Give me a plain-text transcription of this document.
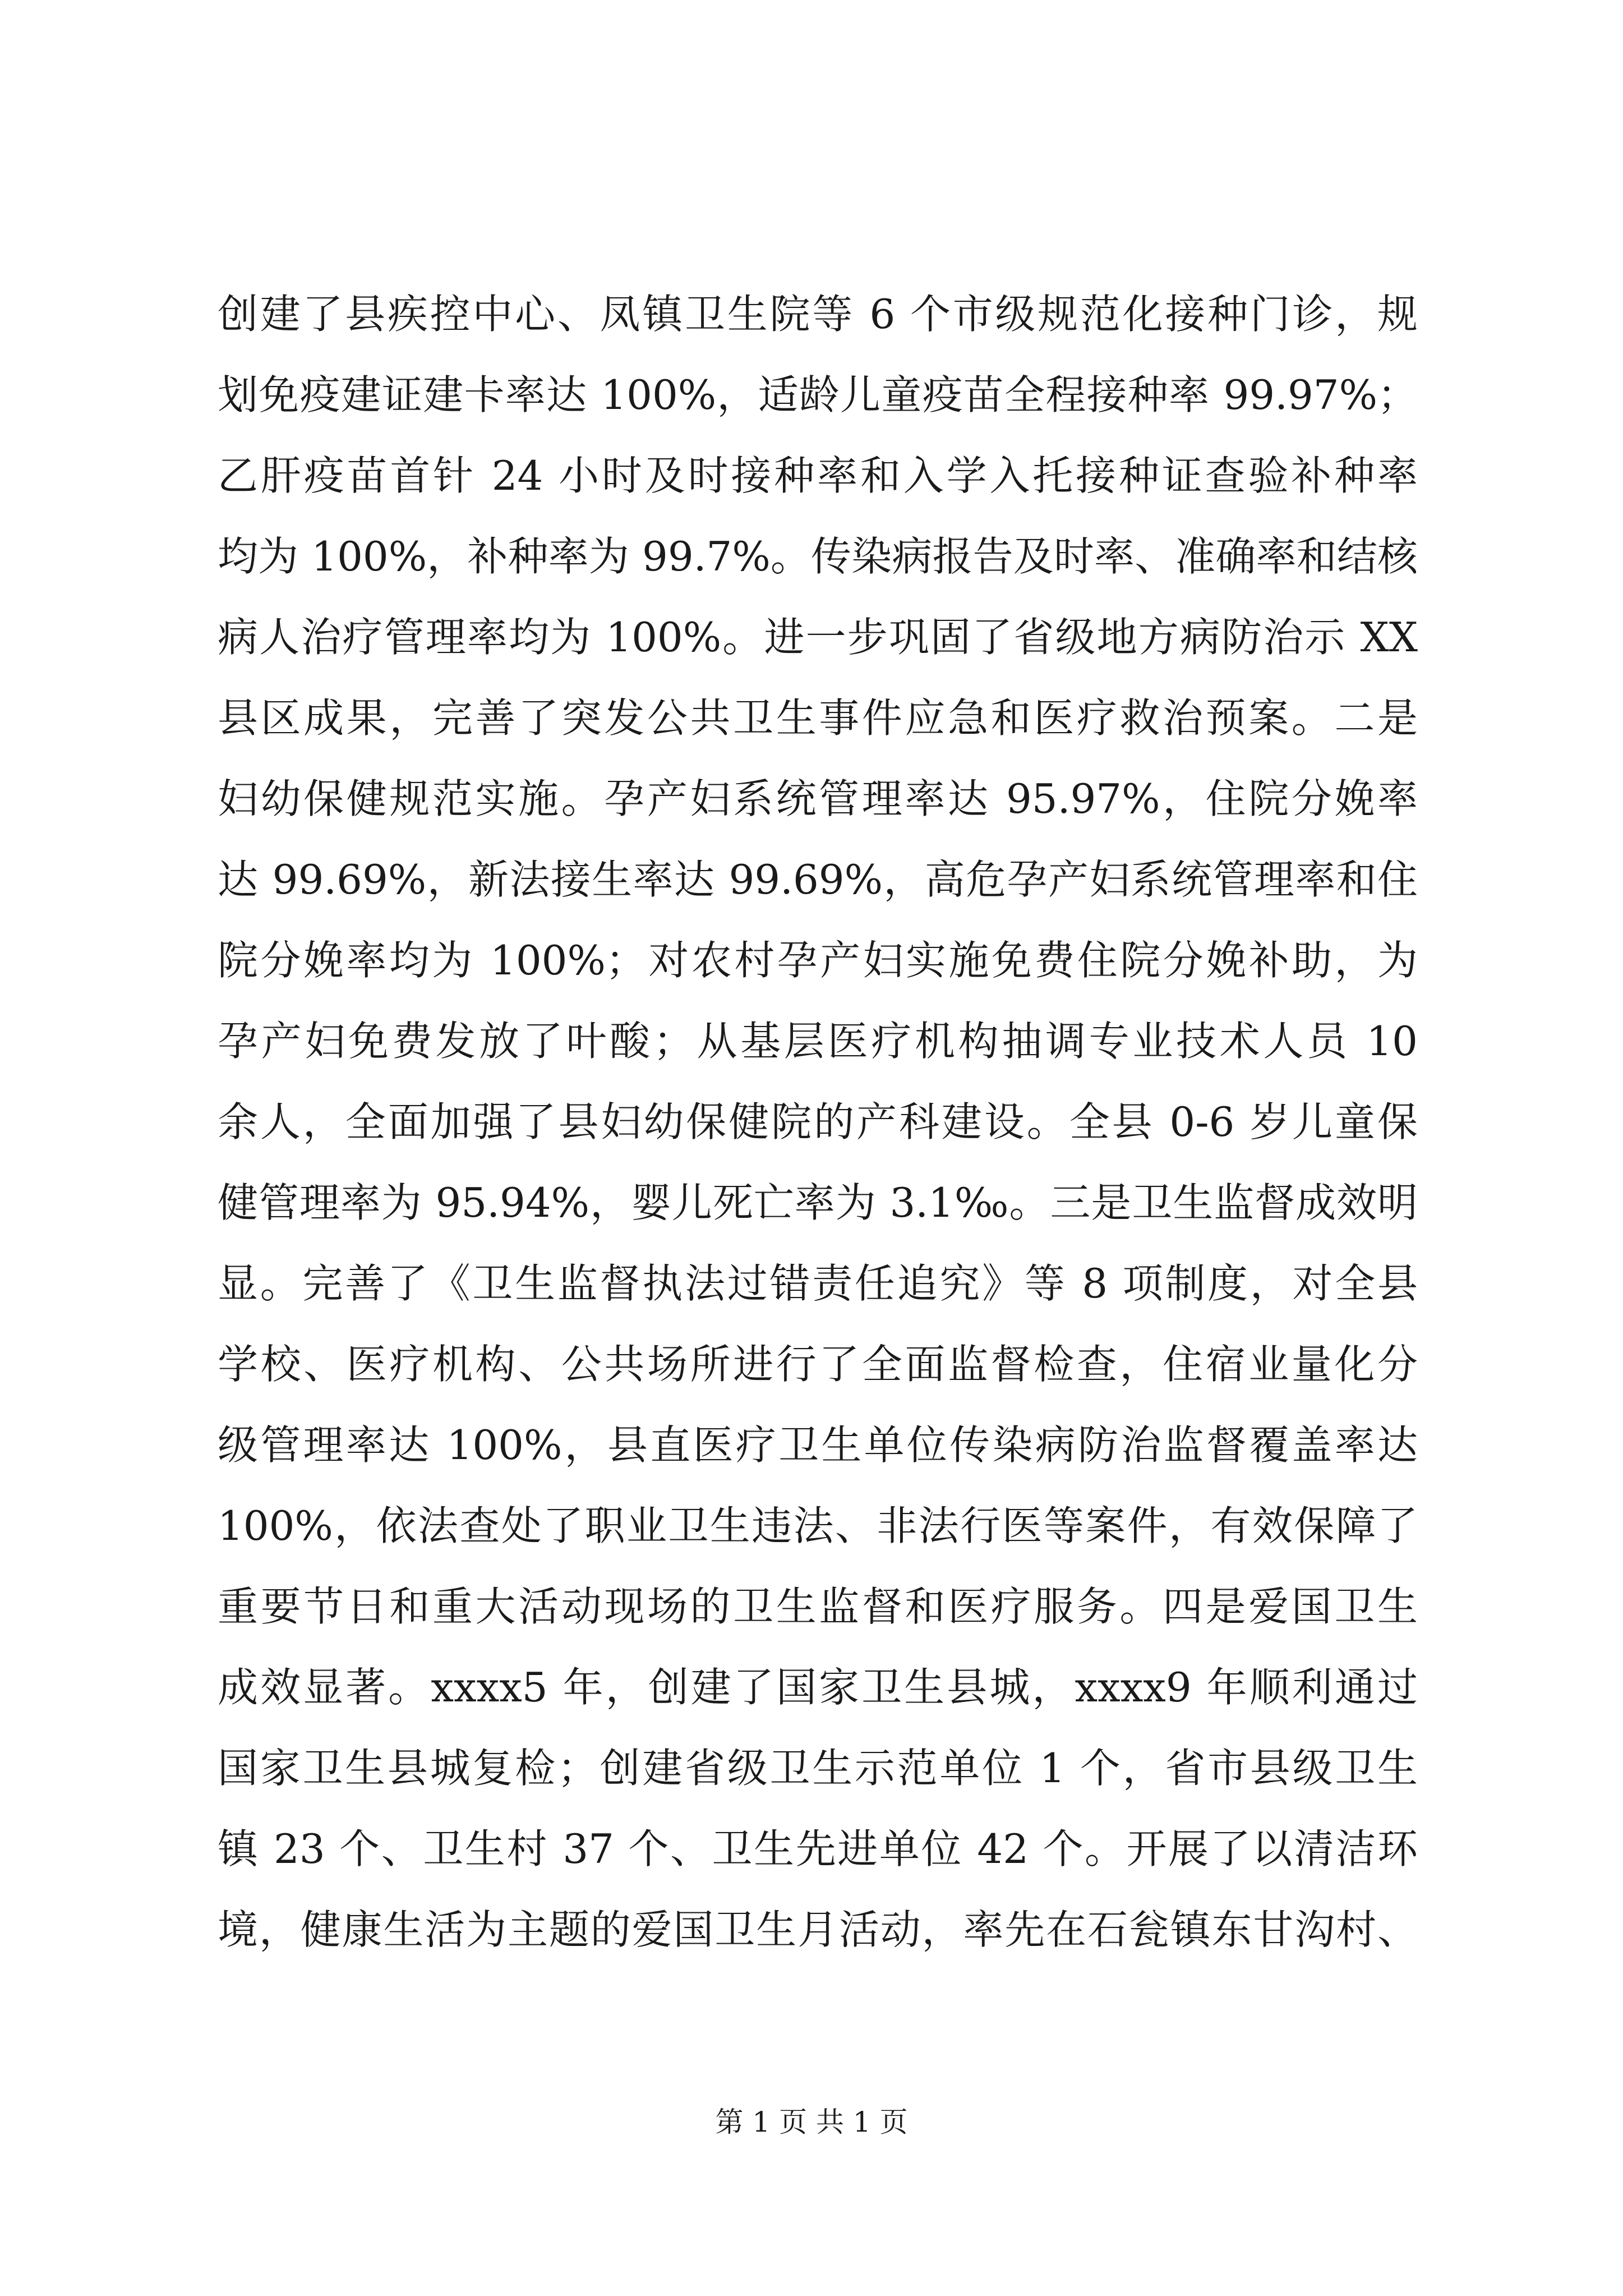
创建了县疾控中心、凤镇卫生院等 6 个市级规范化接种门诊，规
划免疫建证建卡率达 100%，适龄儿童疫苗全程接种率 99.97%；
乙肝疫苗首针 24 小时及时接种率和入学入托接种证查验补种率
均为 100%，补种率为 99.7%。传染病报告及时率、准确率和结核
病人治疗管理率均为 100%。进一步巩固了省级地方病防治示 XX
县区成果，完善了突发公共卫生事件应急和医疗救治预案。二是
妇幼保健规范实施。孕产妇系统管理率达 95.97%，住院分娩率
达 99.69%，新法接生率达 99.69%，高危孕产妇系统管理率和住
院分娩率均为 100%；对农村孕产妇实施免费住院分娩补助，为
孕产妇免费发放了叶酸；从基层医疗机构抽调专业技术人员 10
余人，全面加强了县妇幼保健院的产科建设。全县 0-6 岁儿童保
健管理率为 95.94%，婴儿死亡率为 3.1‰。三是卫生监督成效明
显。完善了《卫生监督执法过错责任追究》等 8 项制度，对全县
学校、医疗机构、公共场所进行了全面监督检查，住宿业量化分
级管理率达 100%，县直医疗卫生单位传染病防治监督覆盖率达
100%，依法查处了职业卫生违法、非法行医等案件，有效保障了
重要节日和重大活动现场的卫生监督和医疗服务。四是爱国卫生
成效显著。xxxx5 年，创建了国家卫生县城，xxxx9 年顺利通过
国家卫生县城复检；创建省级卫生示范单位 1 个，省市县级卫生
镇 23 个、卫生村 37 个、卫生先进单位 42 个。开展了以清洁环
境，健康生活为主题的爱国卫生月活动，率先在石瓮镇东甘沟村、
第 1 页 共 1 页
